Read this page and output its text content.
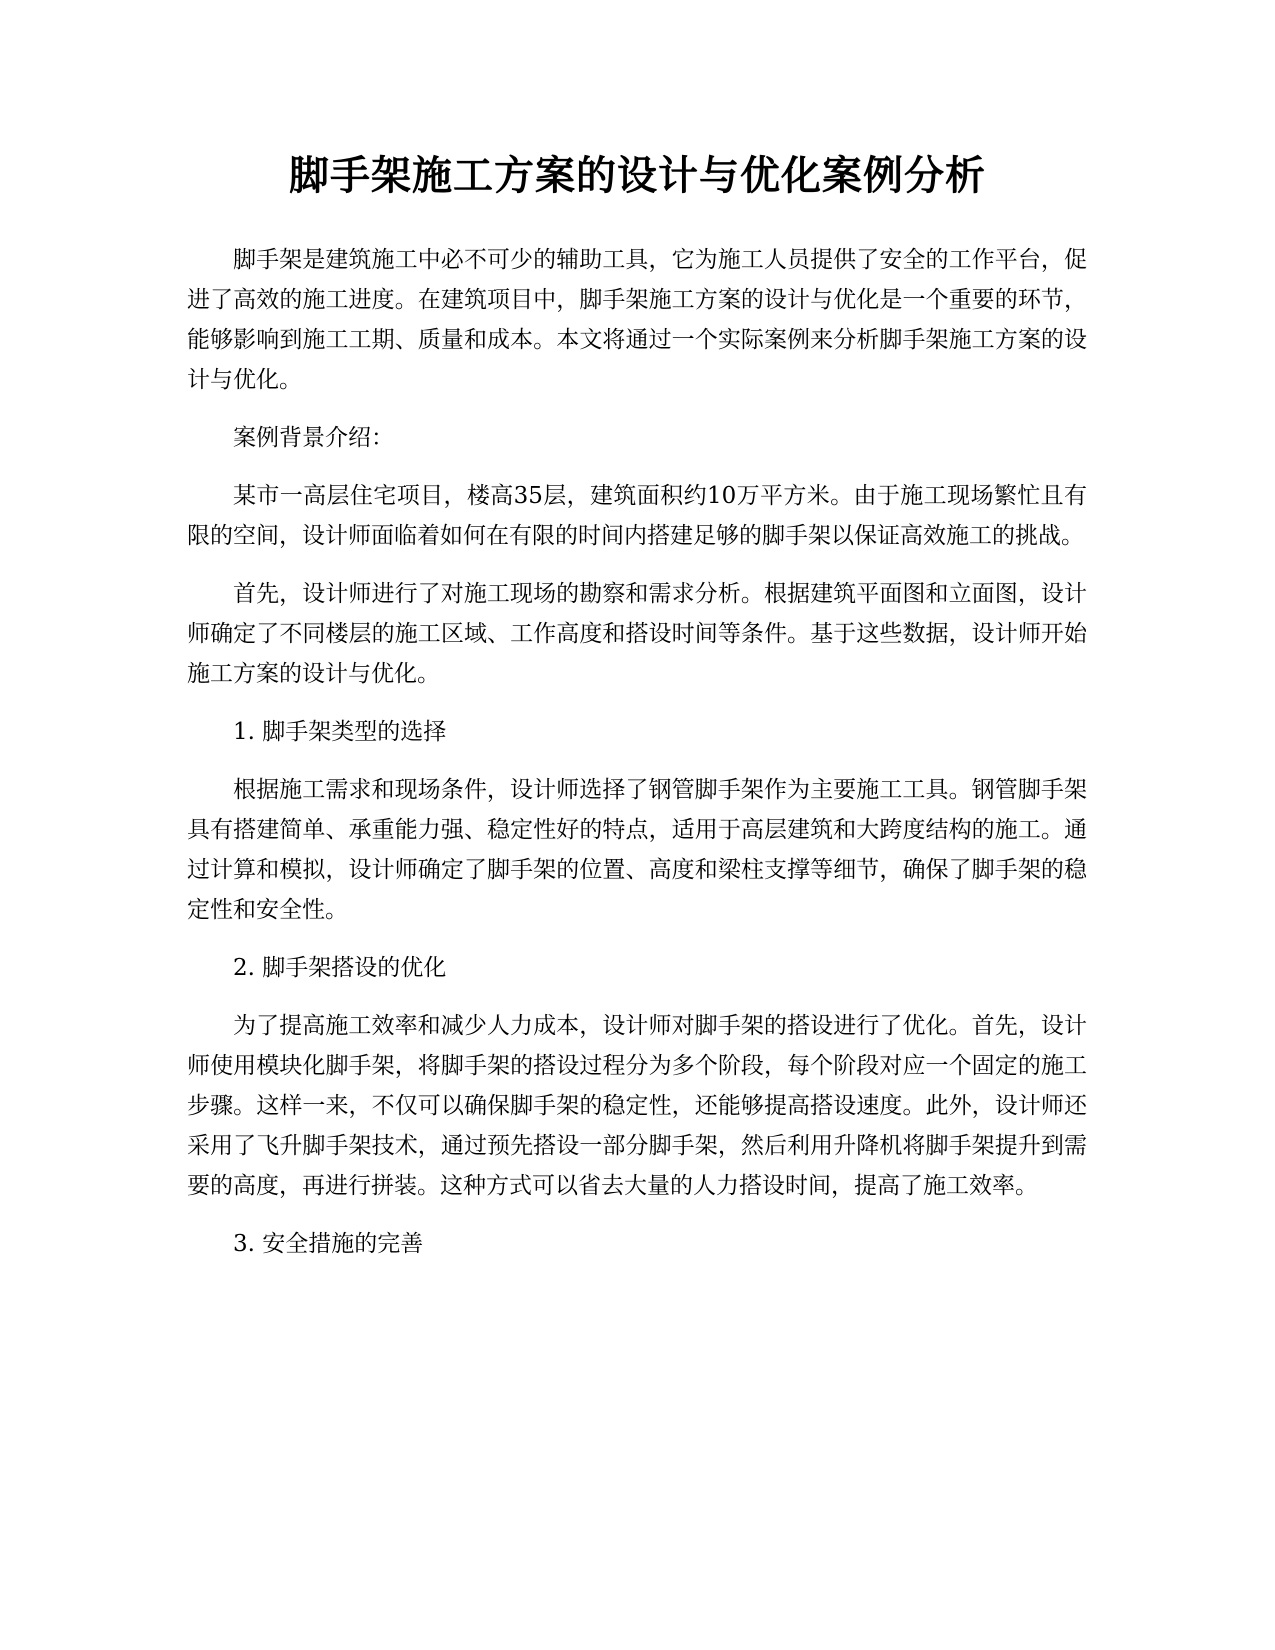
脚手架施工方案的设计与优化案例分析

脚手架是建筑施工中必不可少的辅助工具，它为施工人员提供了安全的工作平台，促进了高效的施工进度。在建筑项目中，脚手架施工方案的设计与优化是一个重要的环节，能够影响到施工工期、质量和成本。本文将通过一个实际案例来分析脚手架施工方案的设计与优化。

案例背景介绍：

某市一高层住宅项目，楼高35层，建筑面积约10万平方米。由于施工现场繁忙且有限的空间，设计师面临着如何在有限的时间内搭建足够的脚手架以保证高效施工的挑战。

首先，设计师进行了对施工现场的勘察和需求分析。根据建筑平面图和立面图，设计师确定了不同楼层的施工区域、工作高度和搭设时间等条件。基于这些数据，设计师开始施工方案的设计与优化。

1. 脚手架类型的选择

根据施工需求和现场条件，设计师选择了钢管脚手架作为主要施工工具。钢管脚手架具有搭建简单、承重能力强、稳定性好的特点，适用于高层建筑和大跨度结构的施工。通过计算和模拟，设计师确定了脚手架的位置、高度和梁柱支撑等细节，确保了脚手架的稳定性和安全性。

2. 脚手架搭设的优化

为了提高施工效率和减少人力成本，设计师对脚手架的搭设进行了优化。首先，设计师使用模块化脚手架，将脚手架的搭设过程分为多个阶段，每个阶段对应一个固定的施工步骤。这样一来，不仅可以确保脚手架的稳定性，还能够提高搭设速度。此外，设计师还采用了飞升脚手架技术，通过预先搭设一部分脚手架，然后利用升降机将脚手架提升到需要的高度，再进行拼装。这种方式可以省去大量的人力搭设时间，提高了施工效率。

3. 安全措施的完善
